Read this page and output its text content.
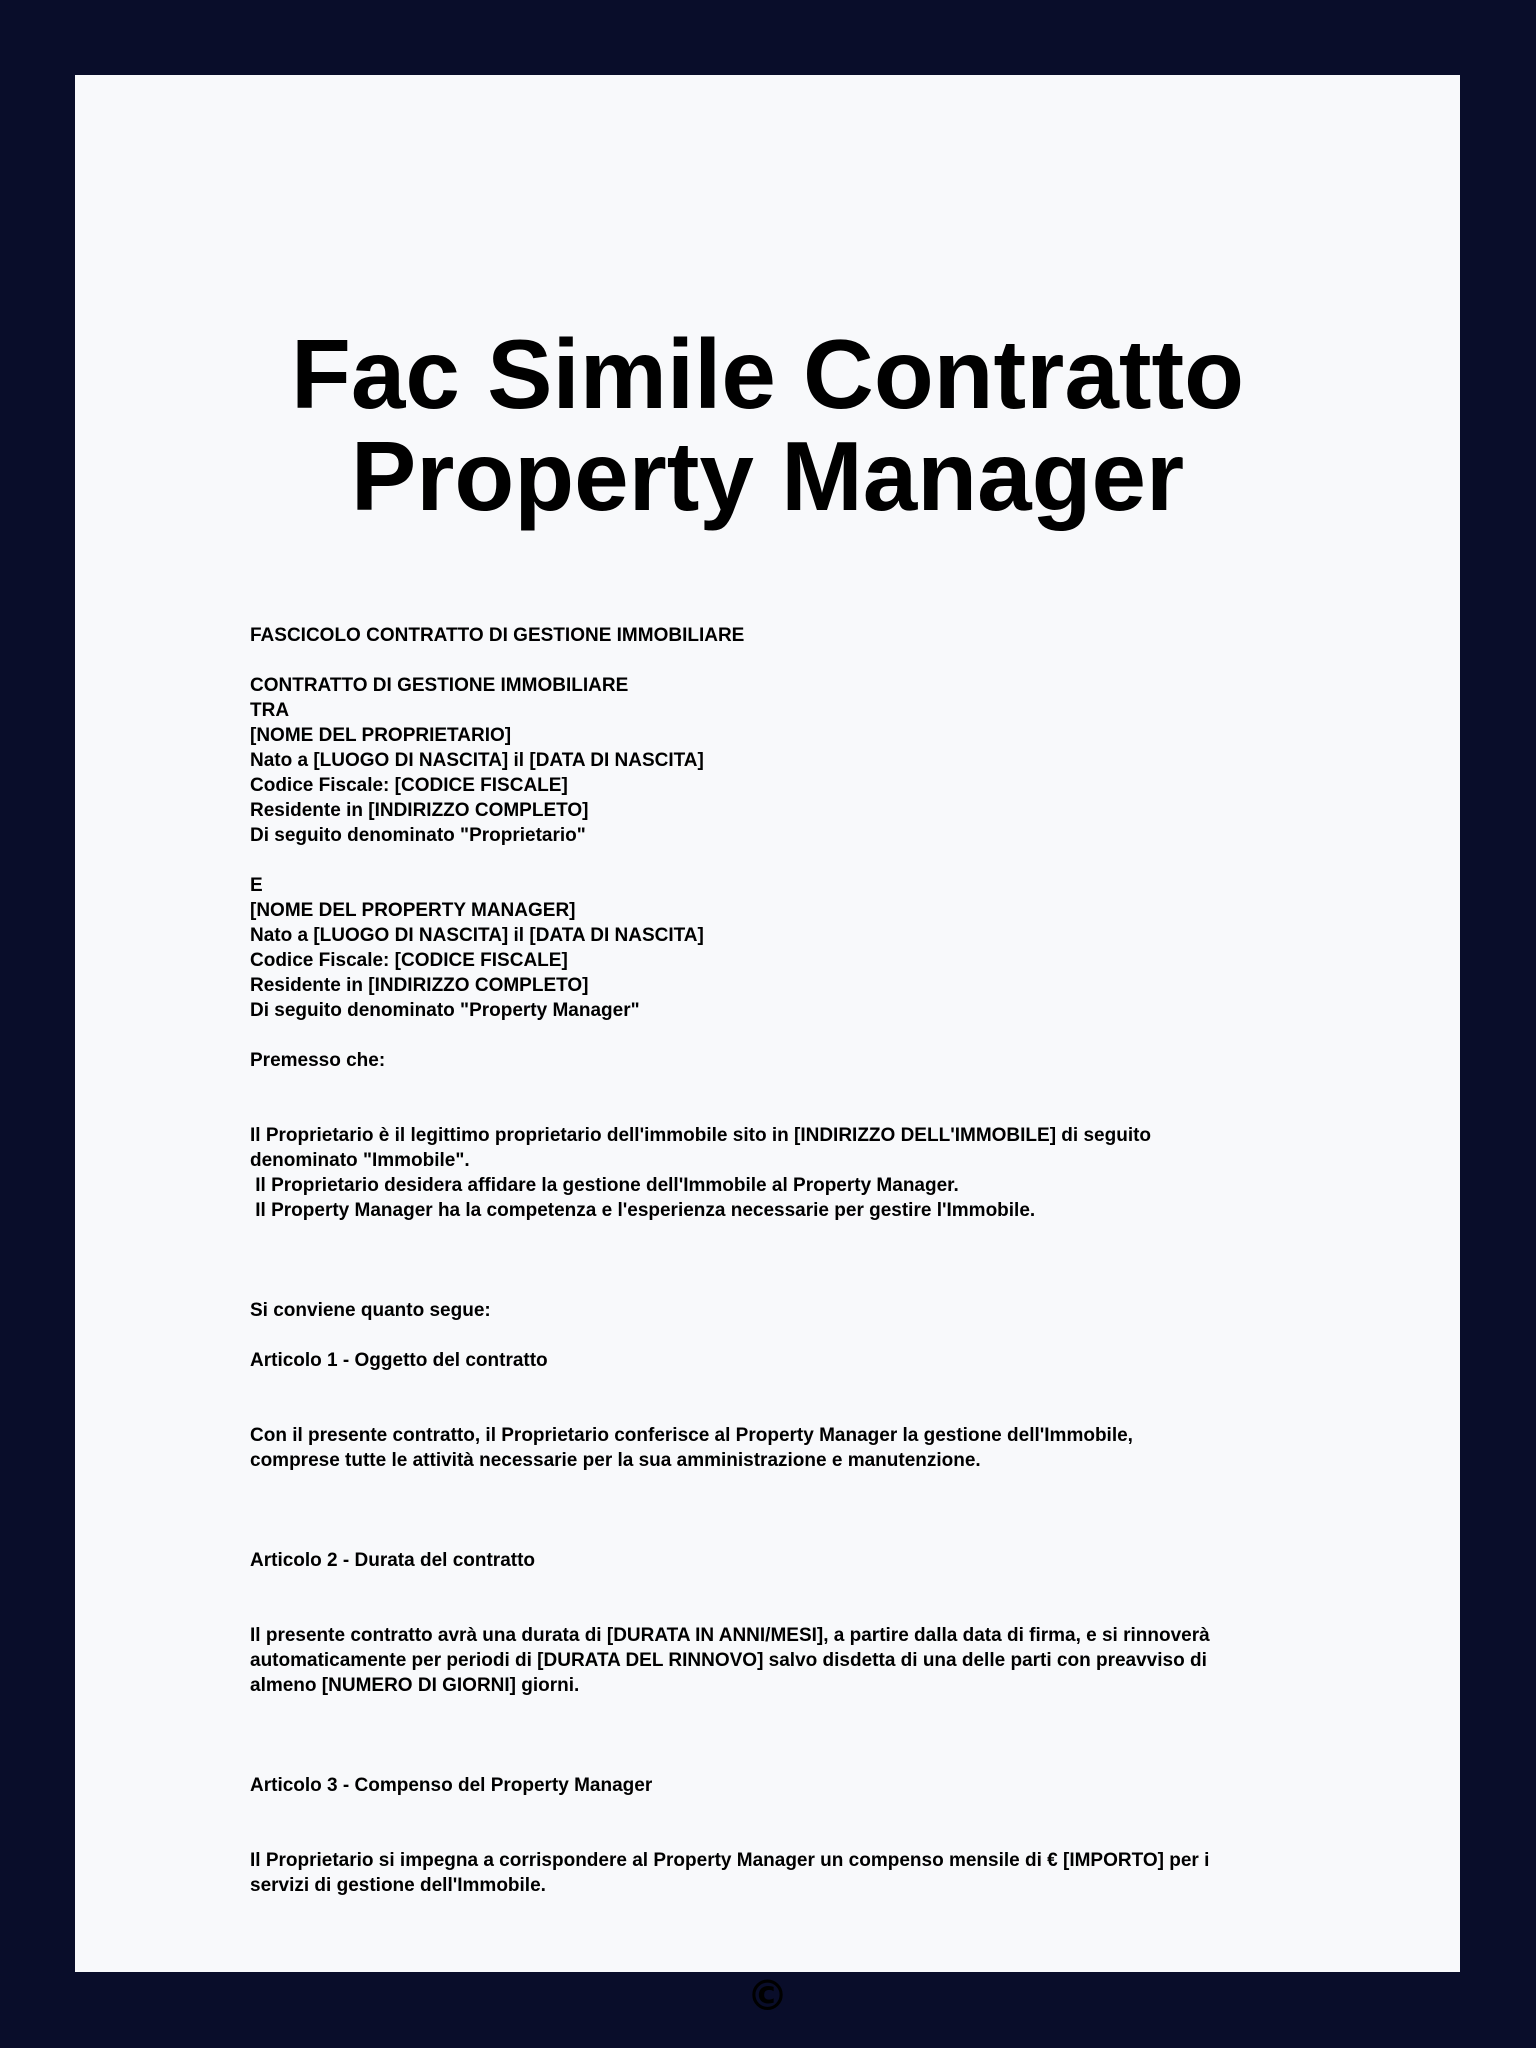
Fac Simile Contratto
Property Manager
FASCICOLO CONTRATTO DI GESTIONE IMMOBILIARE

CONTRATTO DI GESTIONE IMMOBILIARE
TRA
[NOME DEL PROPRIETARIO]
Nato a [LUOGO DI NASCITA] il [DATA DI NASCITA]
Codice Fiscale: [CODICE FISCALE]
Residente in [INDIRIZZO COMPLETO]
Di seguito denominato "Proprietario"

E
[NOME DEL PROPERTY MANAGER]
Nato a [LUOGO DI NASCITA] il [DATA DI NASCITA]
Codice Fiscale: [CODICE FISCALE]
Residente in [INDIRIZZO COMPLETO]
Di seguito denominato "Property Manager"

Premesso che:

Il Proprietario è il legittimo proprietario dell'immobile sito in [INDIRIZZO DELL'IMMOBILE] di seguito
denominato "Immobile".
Il Proprietario desidera affidare la gestione dell'Immobile al Property Manager.
Il Property Manager ha la competenza e l'esperienza necessarie per gestire l'Immobile.

Si conviene quanto segue:

Articolo 1 - Oggetto del contratto

Con il presente contratto, il Proprietario conferisce al Property Manager la gestione dell'Immobile,
comprese tutte le attività necessarie per la sua amministrazione e manutenzione.

Articolo 2 - Durata del contratto

Il presente contratto avrà una durata di [DURATA IN ANNI/MESI], a partire dalla data di firma, e si rinnoverà
automaticamente per periodi di [DURATA DEL RINNOVO] salvo disdetta di una delle parti con preavviso di
almeno [NUMERO DI GIORNI] giorni.

Articolo 3 - Compenso del Property Manager

Il Proprietario si impegna a corrispondere al Property Manager un compenso mensile di € [IMPORTO] per i
servizi di gestione dell'Immobile.
©
